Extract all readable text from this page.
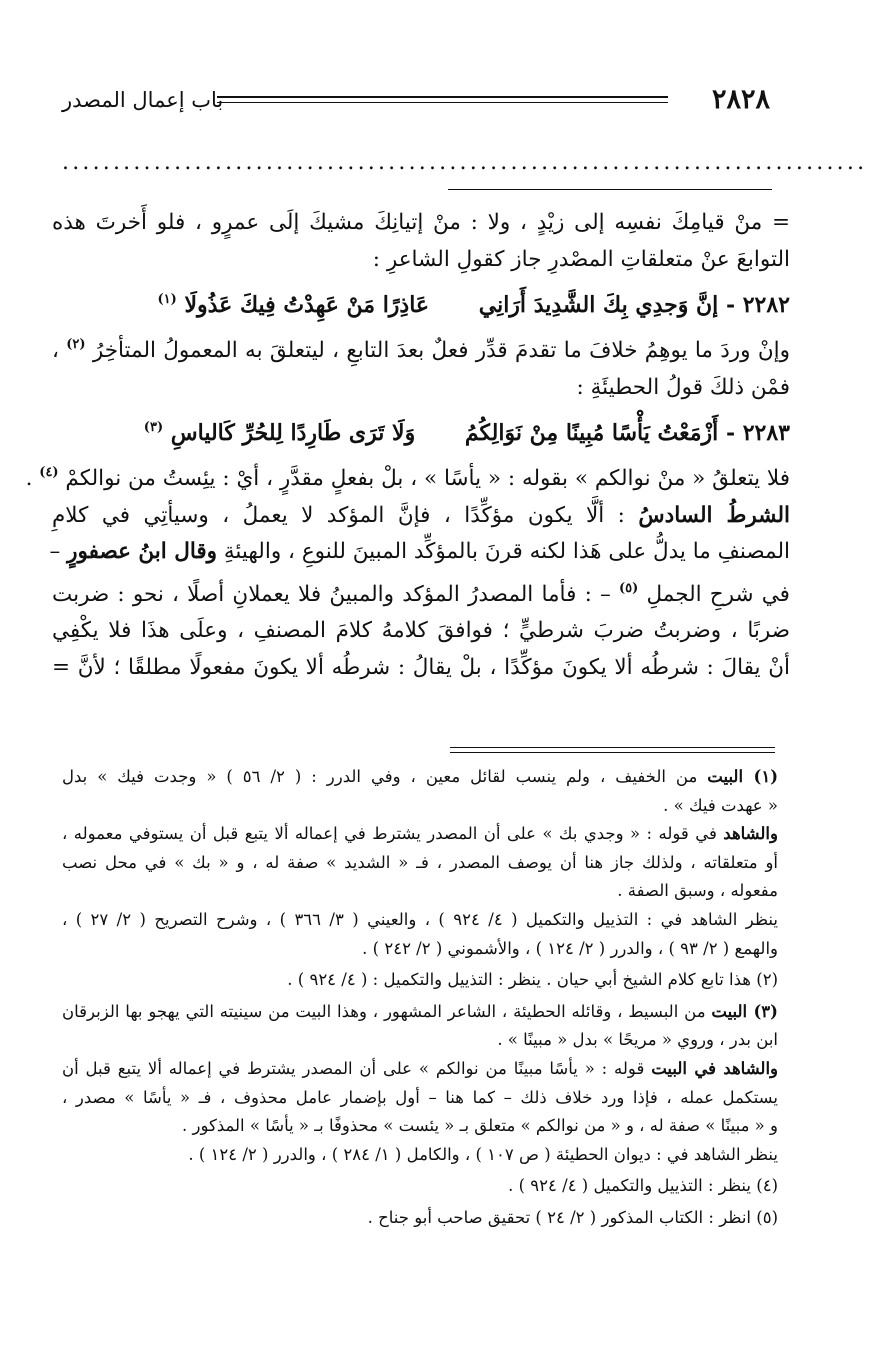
٢٨٢٨
باب إعمال المصدر
...............................................................................
= منْ قيامِكَ نفسِه إلى زيْدٍ ، ولا : منْ إتيانِكَ مشيكَ إلَى عمرٍو ، فلو أَخرتَ هذه
التوابعَ عنْ متعلقاتِ المصْدرِ جاز كقولِ الشاعرِ :
٢٢٨٢ - إنَّ وَجدِي بِكَ الشَّدِيدَ أَرَانِي عَاذِرًا مَنْ عَهِدْتُ فِيكَ عَذُولَا $^{(١)}$
وإنْ وردَ ما يوهِمُ خلافَ ما تقدمَ قدِّر فعلٌ بعدَ التابعِ ، ليتعلقَ به المعمولُ المتأخِرُ $^{(٢)}$ ،
فمْن ذلكَ قولُ الحطيئَةِ :
٢٢٨٣ - أَزْمَعْتُ يَأْسًا مُبِينًا مِنْ نَوَالِكُمُ وَلَا تَرَى طَارِدًا لِلحُرِّ كَالياسِ $^{(٣)}$
فلا يتعلقُ « منْ نوالكم » بقوله : « يأسًا » ، بلْ بفعلٍ مقدَّرٍ ، أيْ : يئِستُ من نوالكمْ $^{(٤)}$ .
الشرطُ السادسُ : ألَّا يكون مؤكِّدًا ، فإنَّ المؤكد لا يعملُ ، وسيأتِي في كلامِ
المصنفِ ما يدلُّ على هَذا لكنه قرنَ بالمؤكِّد المبينَ للنوعِ ، والهيئةِ وقال ابنُ عصفورٍ –
في شرحِ الجملِ $^{(٥)}$ – : فأما المصدرُ المؤكد والمبينُ فلا يعملانِ أصلًا ، نحو : ضربت
ضربًا ، وضربتُ ضربَ شرطيٍّ ؛ فوافقَ كلامهُ كلامَ المصنفِ ، وعلَى هذَا فلا يكْفِي
أنْ يقالَ : شرطُه ألا يكونَ مؤكِّدًا ، بلْ يقالُ : شرطُه ألا يكونَ مفعولًا مطلقًا ؛ لأنَّ =
(١) البيت من الخفيف ، ولم ينسب لقائل معين ، وفي الدرر : ( ٢/ ٥٦ ) « وجدت فيك » بدل
« عهدت فيك » .
والشاهد في قوله : « وجدي بك » على أن المصدر يشترط في إعماله ألا يتبع قبل أن يستوفي معموله ،
أو متعلقاته ، ولذلك جاز هنا أن يوصف المصدر ، فـ « الشديد » صفة له ، و « بك » في محل نصب
مفعوله ، وسبق الصفة .
ينظر الشاهد في : التذييل والتكميل ( ٤/ ٩٢٤ ) ، والعيني ( ٣/ ٣٦٦ ) ، وشرح التصريح ( ٢/ ٢٧ ) ،
والهمع ( ٢/ ٩٣ ) ، والدرر ( ٢/ ١٢٤ ) ، والأشموني ( ٢/ ٢٤٢ ) .
(٢) هذا تابع كلام الشيخ أبي حيان . ينظر : التذييل والتكميل : ( ٤/ ٩٢٤ ) .
(٣) البيت من البسيط ، وقائله الحطيئة ، الشاعر المشهور ، وهذا البيت من سينيته التي يهجو بها الزبرقان
ابن بدر ، وروي « مريحًا » بدل « مبينًا » .
والشاهد في البيت قوله : « يأسًا مبينًا من نوالكم » على أن المصدر يشترط في إعماله ألا يتبع قبل أن
يستكمل عمله ، فإذا ورد خلاف ذلك – كما هنا – أول بإضمار عامل محذوف ، فـ « يأسًا » مصدر ،
و « مبينًا » صفة له ، و « من نوالكم » متعلق بـ « يئست » محذوفًا بـ « يأسًا » المذكور .
ينظر الشاهد في : ديوان الحطيئة ( ص ١٠٧ ) ، والكامل ( ١/ ٢٨٤ ) ، والدرر ( ٢/ ١٢٤ ) .
(٤) ينظر : التذييل والتكميل ( ٤/ ٩٢٤ ) .
(٥) انظر : الكتاب المذكور ( ٢/ ٢٤ ) تحقيق صاحب أبو جناح .
